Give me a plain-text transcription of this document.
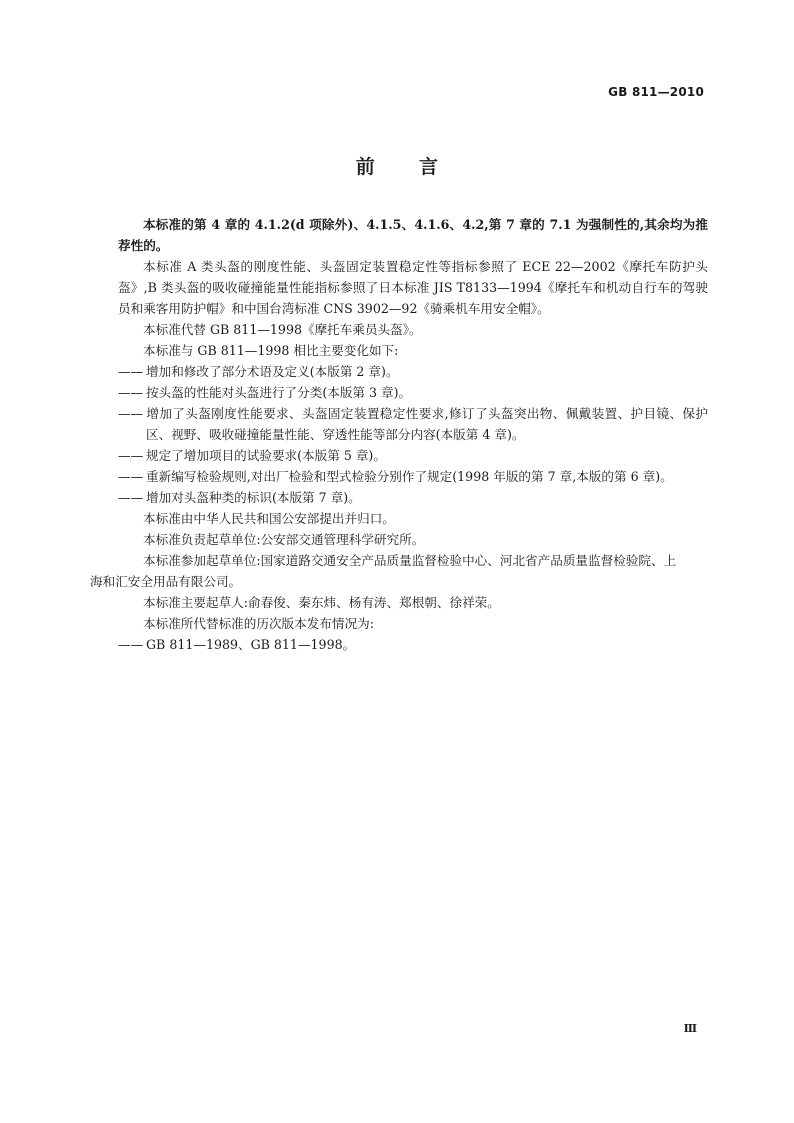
GB 811—2010
前 言

本标准的第 4 章的 4.1.2(d 项除外)、4.1.5、4.1.6、4.2,第 7 章的 7.1 为强制性的,其余均为推荐性的。

本标准 A 类头盔的刚度性能、头盔固定装置稳定性等指标参照了 ECE 22—2002《摩托车防护头盔》,B 类头盔的吸收碰撞能量性能指标参照了日本标准 JIS T8133—1994《摩托车和机动自行车的驾驶员和乘客用防护帽》和中国台湾标准 CNS 3902—92《骑乘机车用安全帽》。

本标准代替 GB 811—1998《摩托车乘员头盔》。

本标准与 GB 811—1998 相比主要变化如下:

—— 增加和修改了部分术语及定义(本版第 2 章)。

—— 按头盔的性能对头盔进行了分类(本版第 3 章)。

—— 增加了头盔刚度性能要求、头盔固定装置稳定性要求,修订了头盔突出物、佩戴装置、护目镜、保护区、视野、吸收碰撞能量性能、穿透性能等部分内容(本版第 4 章)。

—— 规定了增加项目的试验要求(本版第 5 章)。

—— 重新编写检验规则,对出厂检验和型式检验分别作了规定(1998 年版的第 7 章,本版的第 6 章)。

—— 增加对头盔种类的标识(本版第 7 章)。

本标准由中华人民共和国公安部提出并归口。

本标准负责起草单位:公安部交通管理科学研究所。

本标准参加起草单位:国家道路交通安全产品质量监督检验中心、河北省产品质量监督检验院、上

海和汇安全用品有限公司。

本标准主要起草人:俞春俊、秦东炜、杨有涛、郑根朝、徐祥荣。

本标准所代替标准的历次版本发布情况为:

—— GB 811—1989、GB 811—1998。

Ⅲ
